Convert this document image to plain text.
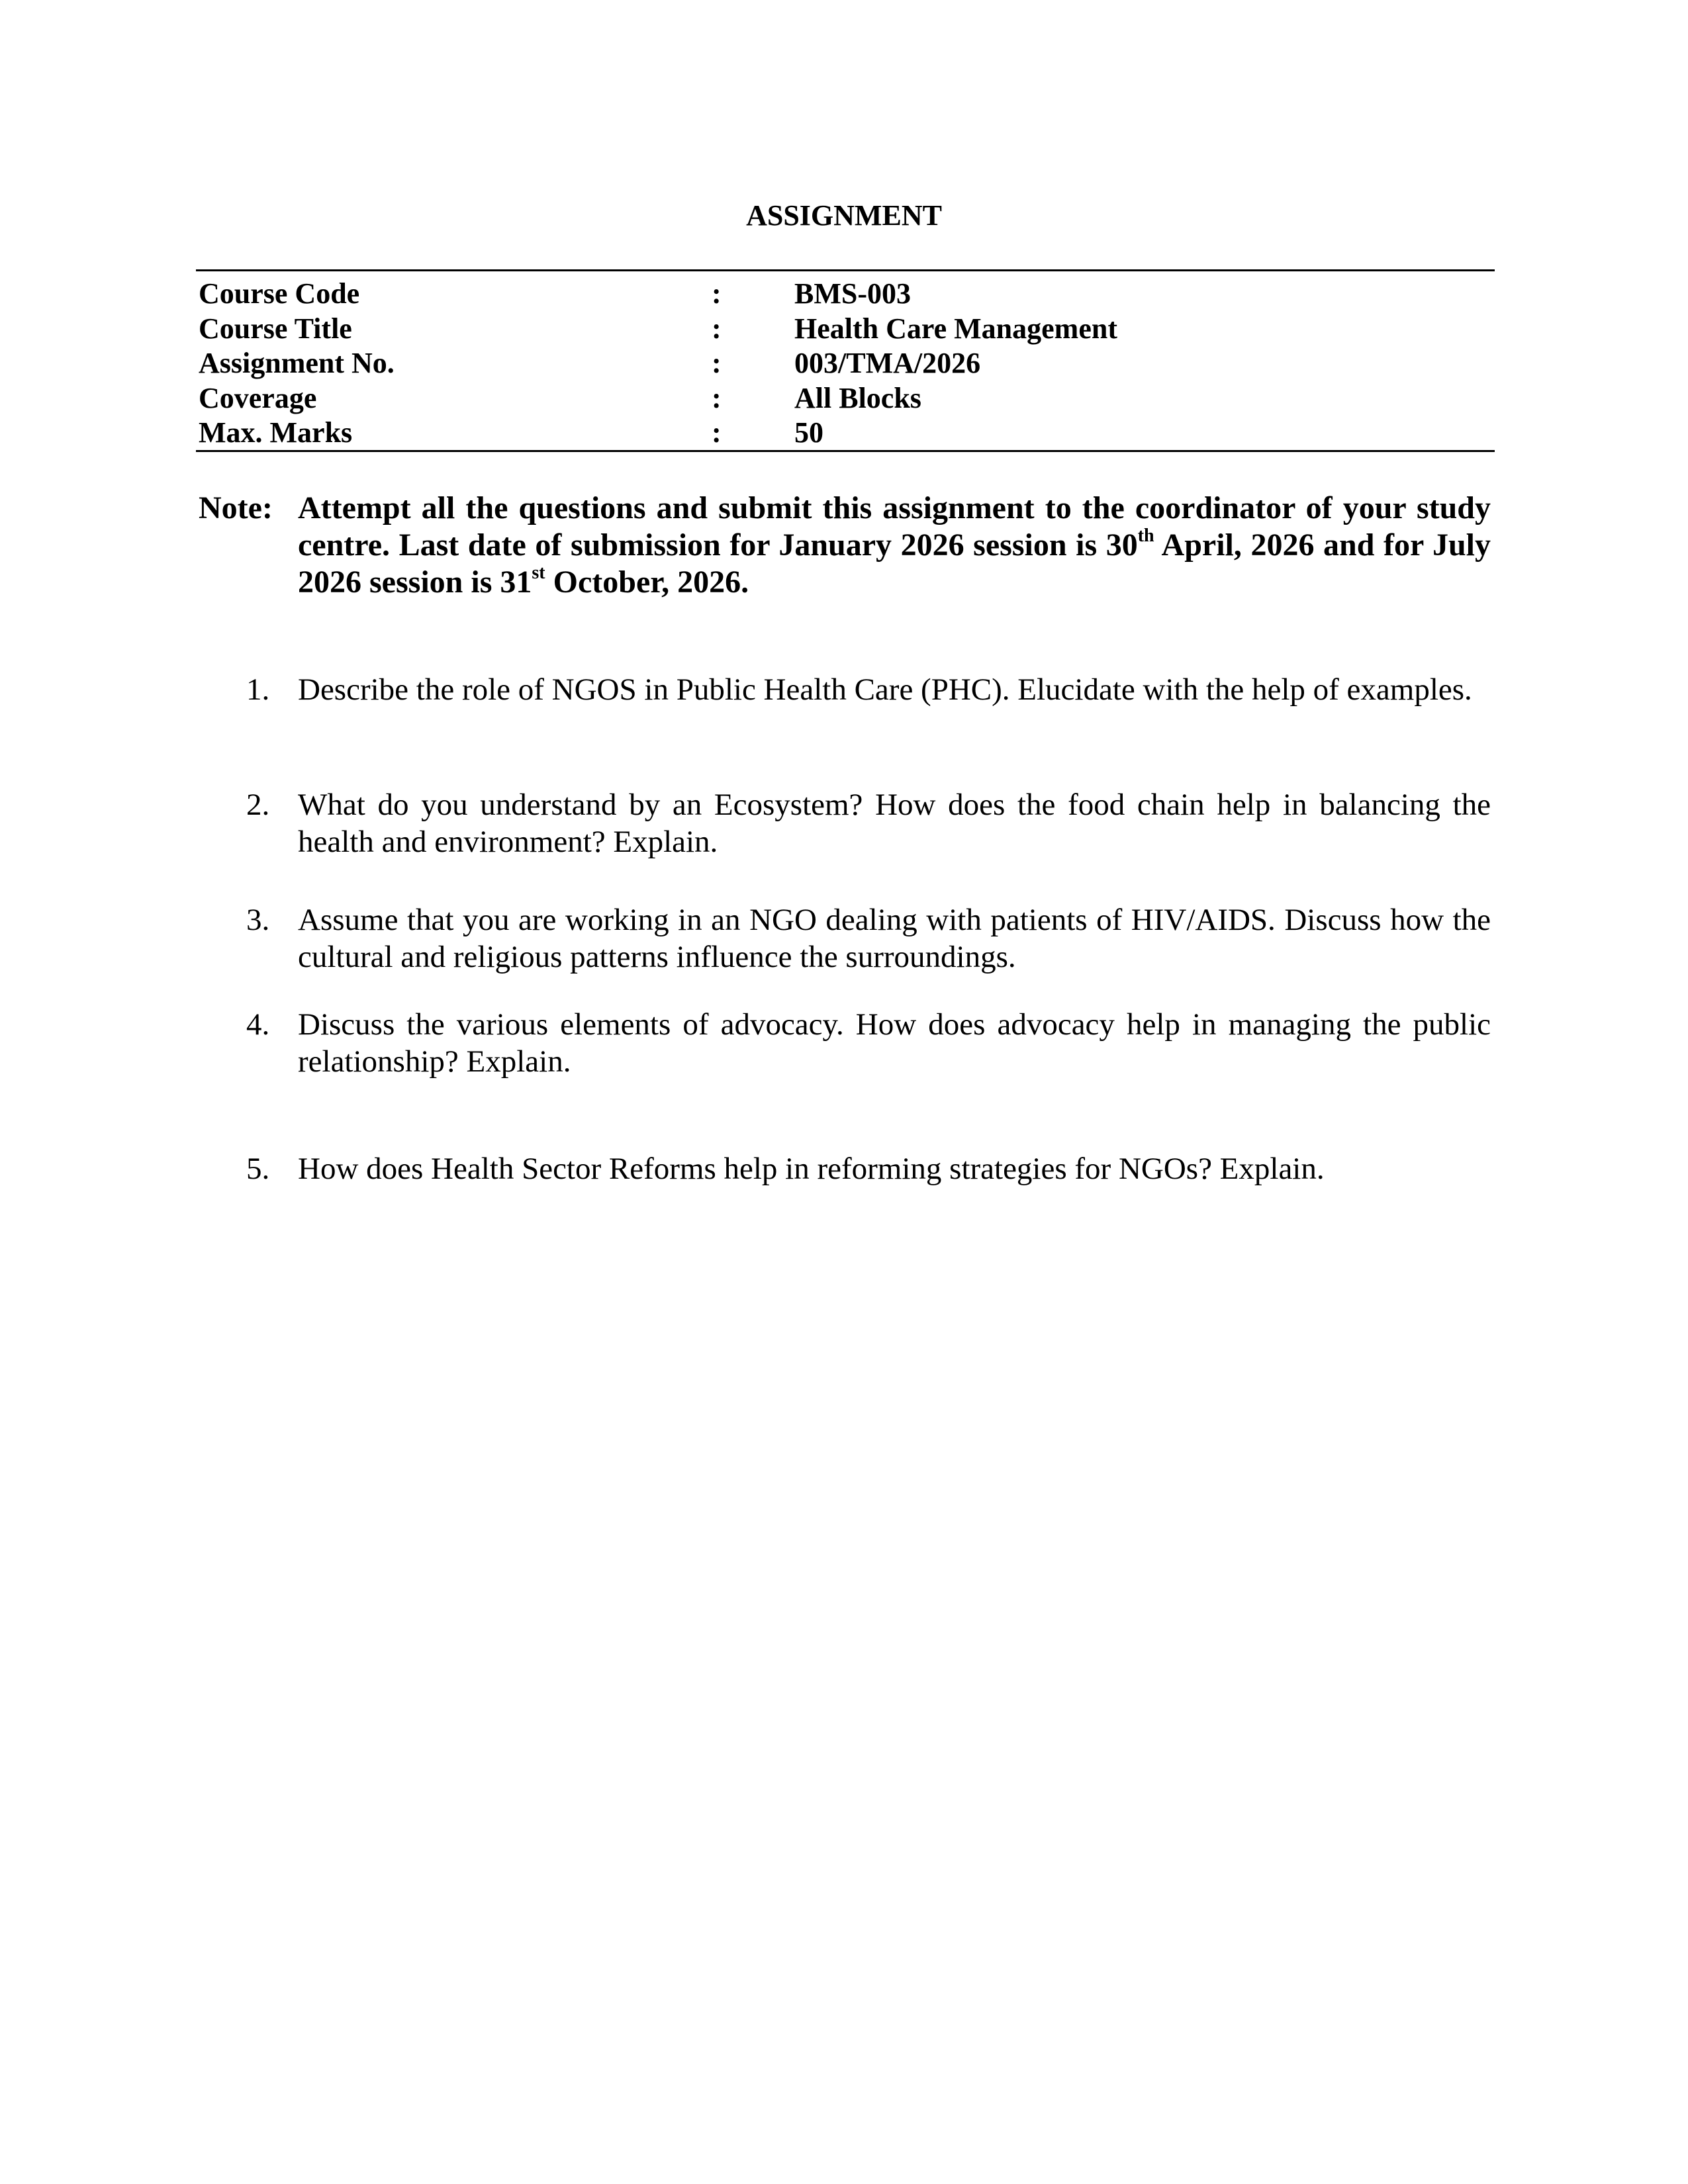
ASSIGNMENT
Course Code	:	BMS-003
Course Title	:	Health Care Management
Assignment No.	:	003/TMA/2026
Coverage	:	All Blocks
Max. Marks	:	50
Note: Attempt all the questions and submit this assignment to the coordinator of your study centre. Last date of submission for January 2026 session is 30th April, 2026 and for July 2026 session is 31st October, 2026.
1. Describe the role of NGOS in Public Health Care (PHC). Elucidate with the help of examples.
2. What do you understand by an Ecosystem? How does the food chain help in balancing the health and environment? Explain.
3. Assume that you are working in an NGO dealing with patients of HIV/AIDS. Discuss how the cultural and religious patterns influence the surroundings.
4. Discuss the various elements of advocacy. How does advocacy help in managing the public relationship? Explain.
5. How does Health Sector Reforms help in reforming strategies for NGOs? Explain.
